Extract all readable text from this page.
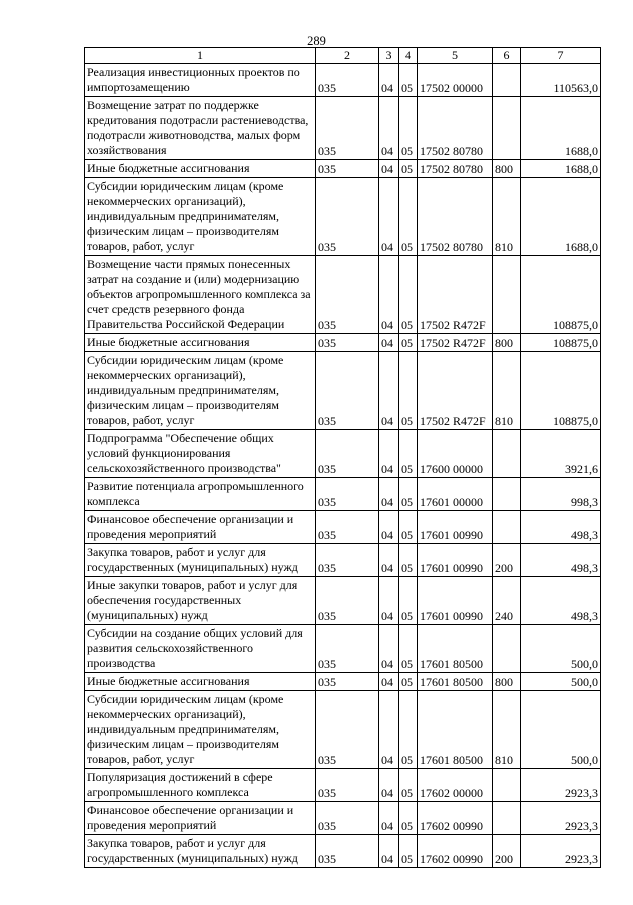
289
1	2	3	4	5	6	7
Реализация инвестиционных проектов по импортозамещению	035	04	05	17502 00000		110563,0
Возмещение затрат по поддержке кредитования подотрасли растениеводства, подотрасли животноводства, малых форм хозяйствования	035	04	05	17502 80780		1688,0
Иные бюджетные ассигнования	035	04	05	17502 80780	800	1688,0
Субсидии юридическим лицам (кроме некоммерческих организаций), индивидуальным предпринимателям, физическим лицам – производителям товаров, работ, услуг	035	04	05	17502 80780	810	1688,0
Возмещение части прямых понесенных затрат на создание и (или) модернизацию объектов агропромышленного комплекса за счет средств резервного фонда Правительства Российской Федерации	035	04	05	17502 R472F		108875,0
Иные бюджетные ассигнования	035	04	05	17502 R472F	800	108875,0
Субсидии юридическим лицам (кроме некоммерческих организаций), индивидуальным предпринимателям, физическим лицам – производителям товаров, работ, услуг	035	04	05	17502 R472F	810	108875,0
Подпрограмма "Обеспечение общих условий функционирования сельскохозяйственного производства"	035	04	05	17600 00000		3921,6
Развитие потенциала агропромышленного комплекса	035	04	05	17601 00000		998,3
Финансовое обеспечение организации и проведения мероприятий	035	04	05	17601 00990		498,3
Закупка товаров, работ и услуг для государственных (муниципальных) нужд	035	04	05	17601 00990	200	498,3
Иные закупки товаров, работ и услуг для обеспечения государственных (муниципальных) нужд	035	04	05	17601 00990	240	498,3
Субсидии на создание общих условий для развития сельскохозяйственного производства	035	04	05	17601 80500		500,0
Иные бюджетные ассигнования	035	04	05	17601 80500	800	500,0
Субсидии юридическим лицам (кроме некоммерческих организаций), индивидуальным предпринимателям, физическим лицам – производителям товаров, работ, услуг	035	04	05	17601 80500	810	500,0
Популяризация достижений в сфере агропромышленного комплекса	035	04	05	17602 00000		2923,3
Финансовое обеспечение организации и проведения мероприятий	035	04	05	17602 00990		2923,3
Закупка товаров, работ и услуг для государственных (муниципальных) нужд	035	04	05	17602 00990	200	2923,3
